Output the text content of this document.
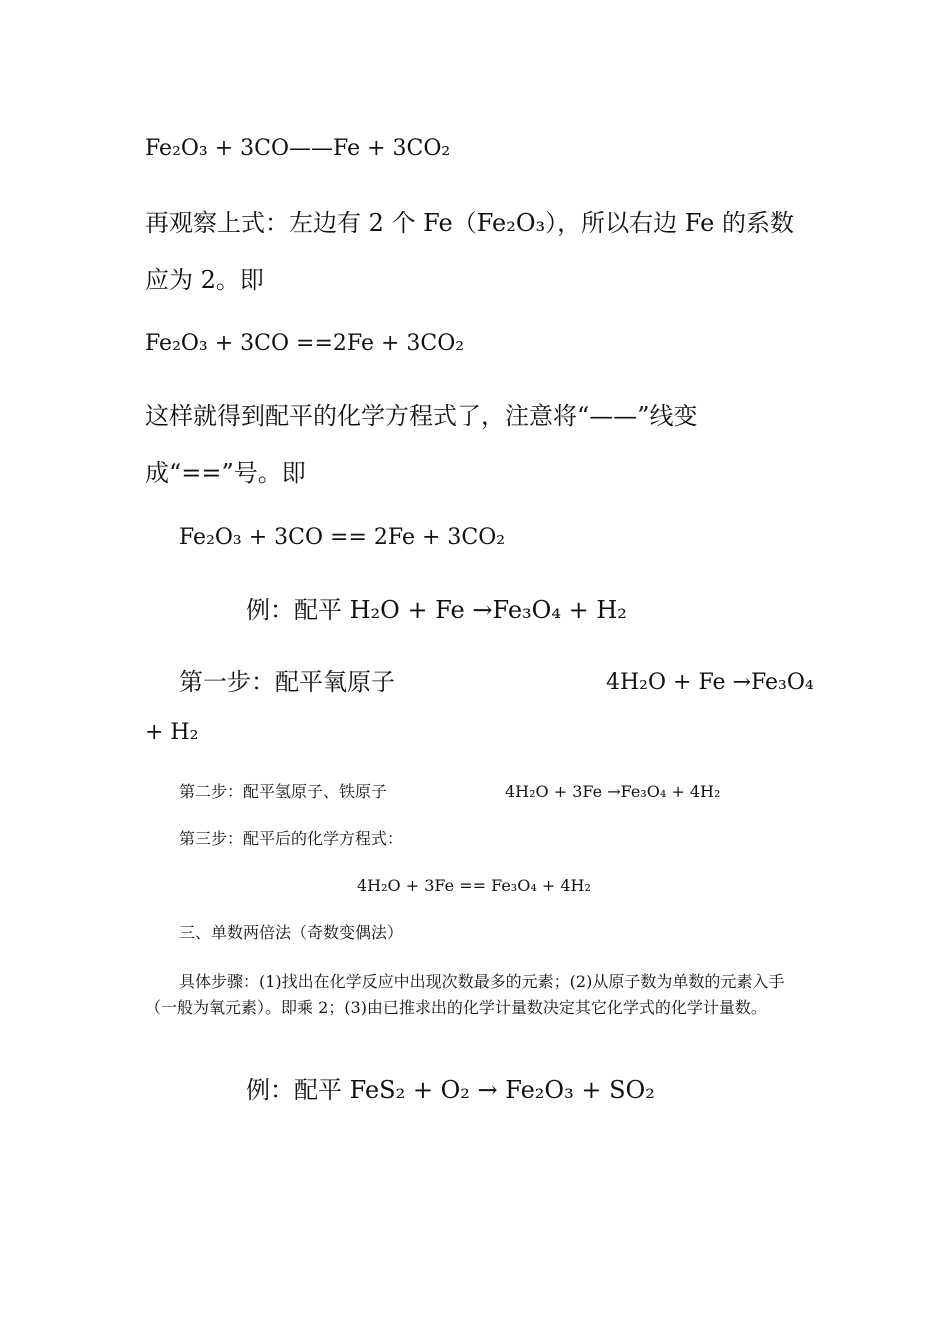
Fe₂O₃ + 3CO——Fe + 3CO₂
再观察上式：左边有 2 个 Fe（Fe₂O₃），所以右边 Fe 的系数应为 2。即
Fe₂O₃ + 3CO ==2Fe + 3CO₂
这样就得到配平的化学方程式了，注意将“——”线变成“==”号。即
Fe₂O₃ + 3CO == 2Fe + 3CO₂
例：配平 H₂O + Fe →Fe₃O₄ + H₂
第一步：配平氧原子	4H₂O + Fe →Fe₃O₄
+ H₂
第二步：配平氢原子、铁原子	4H₂O + 3Fe →Fe₃O₄ + 4H₂
第三步：配平后的化学方程式：
4H₂O + 3Fe == Fe₃O₄ + 4H₂
三、单数两倍法（奇数变偶法）
具体步骤：(1)找出在化学反应中出现次数最多的元素；(2)从原子数为单数的元素入手（一般为氧元素）。即乘 2；(3)由已推求出的化学计量数决定其它化学式的化学计量数。
例：配平 FeS₂ + O₂ → Fe₂O₃ + SO₂
